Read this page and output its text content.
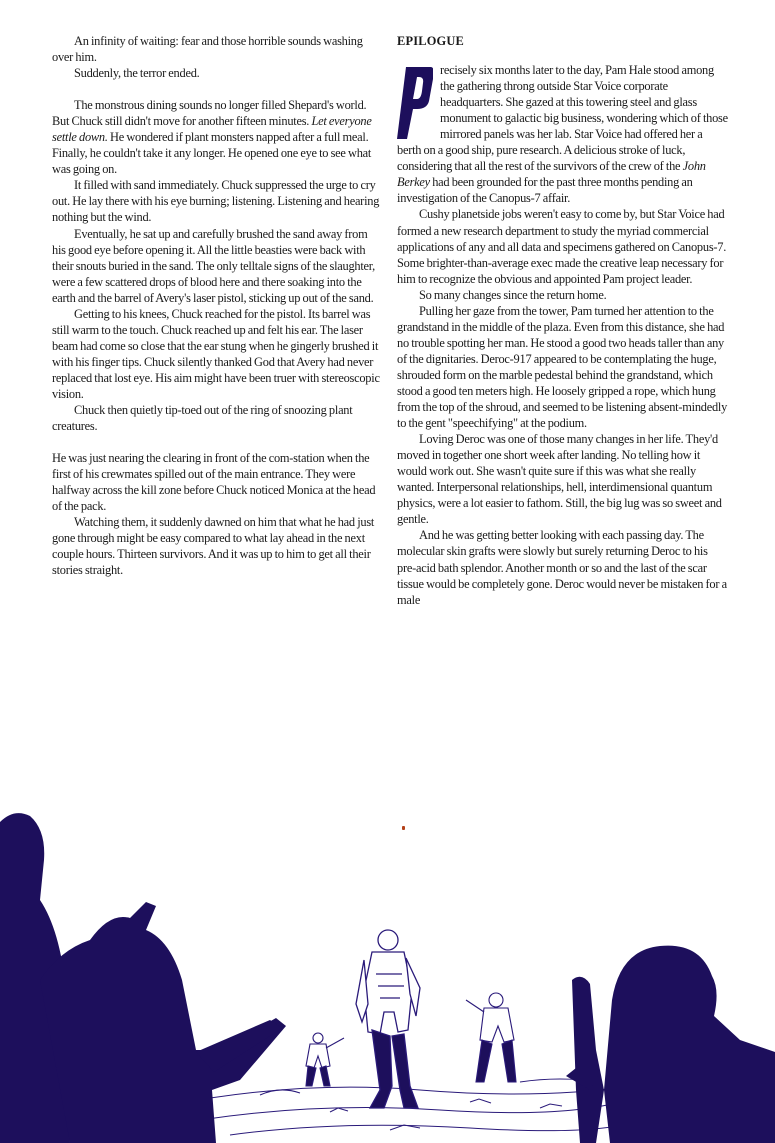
An infinity of waiting: fear and those horrible sounds washing over him.

Suddenly, the terror ended.

The monstrous dining sounds no longer filled Shepard's world. But Chuck still didn't move for another fifteen minutes. Let everyone settle down. He wondered if plant monsters napped after a full meal. Finally, he couldn't take it any longer. He opened one eye to see what was going on.

It filled with sand immediately. Chuck suppressed the urge to cry out. He lay there with his eye burning; listening. Listening and hearing nothing but the wind.

Eventually, he sat up and carefully brushed the sand away from his good eye before opening it. All the little beasties were back with their snouts buried in the sand. The only telltale signs of the slaughter, were a few scattered drops of blood here and there soaking into the earth and the barrel of Avery's laser pistol, sticking up out of the sand.

Getting to his knees, Chuck reached for the pistol. Its barrel was still warm to the touch. Chuck reached up and felt his ear. The laser beam had come so close that the ear stung when he gingerly brushed it with his finger tips. Chuck silently thanked God that Avery had never replaced that lost eye. His aim might have been truer with stereoscopic vision.

Chuck then quietly tip-toed out of the ring of snoozing plant creatures.

He was just nearing the clearing in front of the com-station when the first of his crewmates spilled out of the main entrance. They were halfway across the kill zone before Chuck noticed Monica at the head of the pack.

Watching them, it suddenly dawned on him that what he had just gone through might be easy compared to what lay ahead in the next couple hours. Thirteen survivors. And it was up to him to get all their stories straight.

EPILOGUE

recisely six months later to the day, Pam Hale stood among the gathering throng outside Star Voice corporate headquarters. She gazed at this towering steel and glass monument to galactic big business, wondering which of those mirrored panels was her lab. Star Voice had offered her a berth on a good ship, pure research. A delicious stroke of luck, considering that all the rest of the survivors of the crew of the John Berkey had been grounded for the past three months pending an investigation of the Canopus-7 affair.

Cushy planetside jobs weren't easy to come by, but Star Voice had formed a new research department to study the myriad commercial applications of any and all data and specimens gathered on Canopus-7. Some brighter-than-average exec made the creative leap necessary for him to recognize the obvious and appointed Pam project leader.

So many changes since the return home.

Pulling her gaze from the tower, Pam turned her attention to the grandstand in the middle of the plaza. Even from this distance, she had no trouble spotting her man. He stood a good two heads taller than any of the dignitaries. Deroc-917 appeared to be contemplating the huge, shrouded form on the marble pedestal behind the grandstand, which stood a good ten meters high. He loosely gripped a rope, which hung from the top of the shroud, and seemed to be listening absent-mindedly to the gent "speechifying" at the podium.

Loving Deroc was one of those many changes in her life. They'd moved in together one short week after landing. No telling how it would work out. She wasn't quite sure if this was what she really wanted. Interpersonal relationships, hell, interdimensional quantum physics, were a lot easier to fathom. Still, the big lug was so sweet and gentle.

And he was getting better looking with each passing day. The molecular skin grafts were slowly but surely returning Deroc to his pre-acid bath splendor. Another month or so and the last of the scar tissue would be completely gone. Deroc would never be mistaken for a male
